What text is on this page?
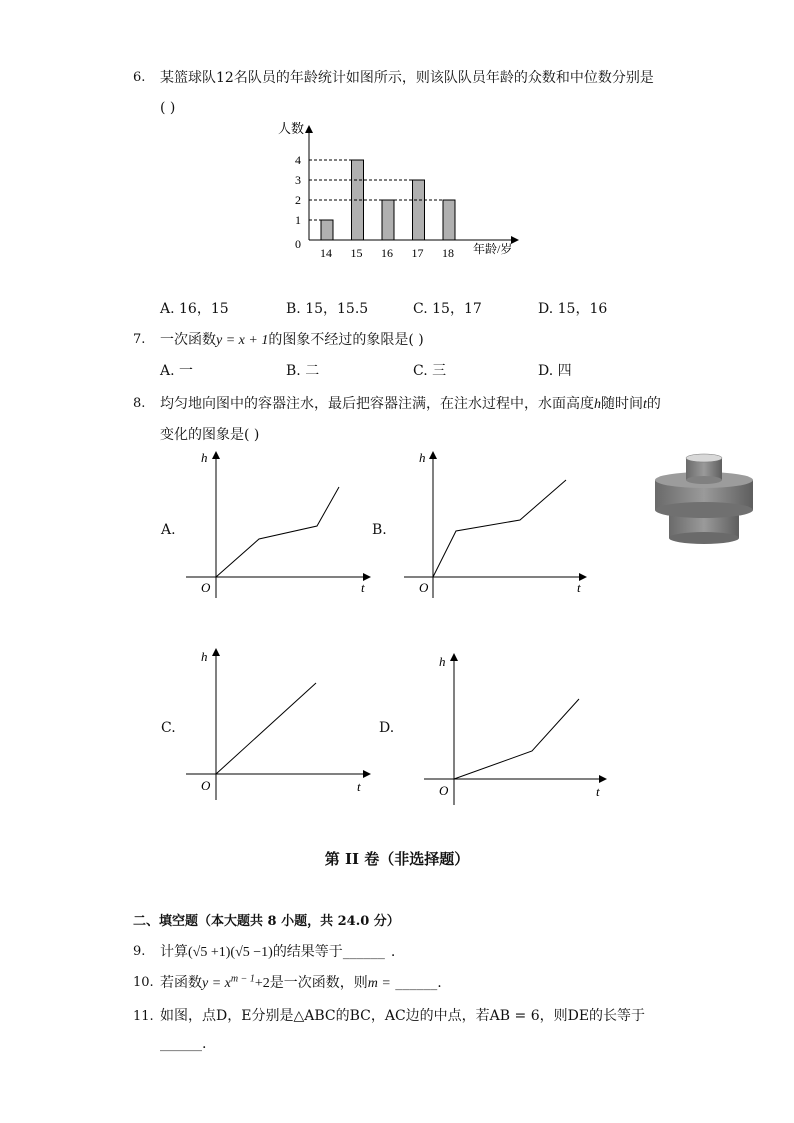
6. 某篮球队12名队员的年龄统计如图所示，则该队队员年龄的众数和中位数分别是
( )
0
1
2
3
4
14 15 16 17 18
人数
年龄/岁
A. 16，15	B. 15，15.5	C. 15，17	D. 15，16
7. 一次函数y = x + 1的图象不经过的象限是( )
A. 一	B. 二	C. 三	D. 四
8. 均匀地向图中的容器注水，最后把容器注满，在注水过程中，水面高度h随时间t的
变化的图象是( )
A.
h
t
O
B.
h
t
O
C.
h
t
O
D.
h
t
O
第 II 卷（非选择题）
二、填空题（本大题共 8 小题，共 24.0 分）
9. 计算(√5 +1)(√5 −1)的结果等于______ .
10. 若函数$y = x^{m - 1}+2$是一次函数，则m = ______.
11. 如图，点D，E分别是△ABC的BC，AC边的中点，若AB = 6，则DE的长等于
______.
